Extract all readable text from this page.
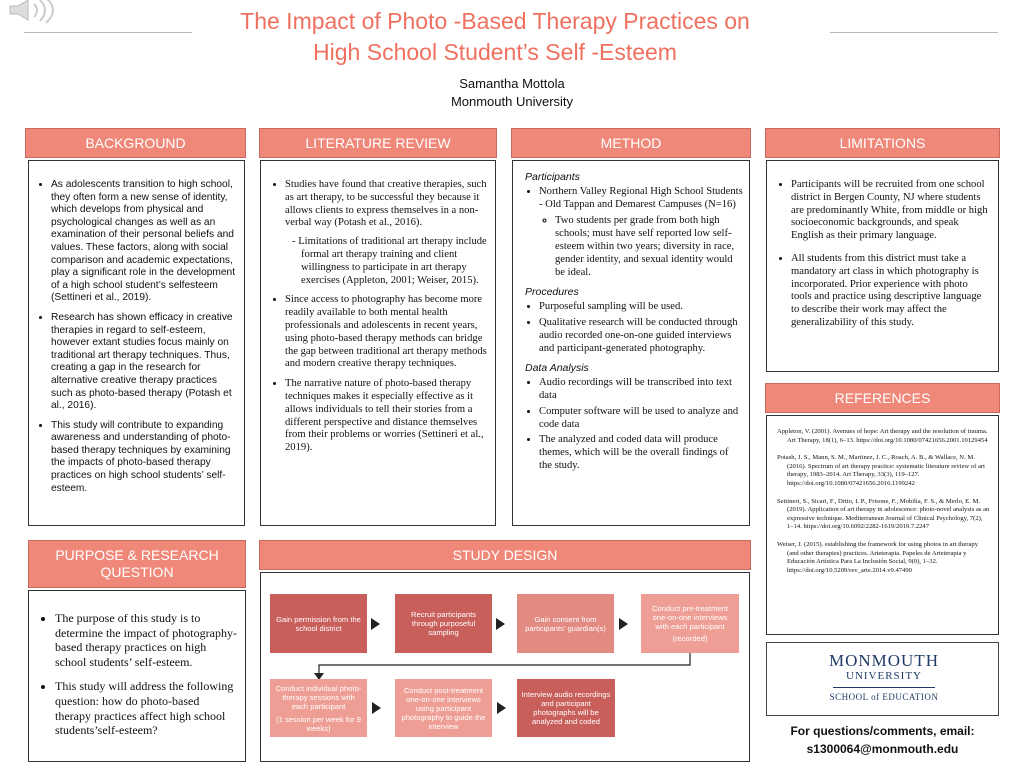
The Impact of Photo -Based Therapy Practices on
High School Student’s Self -Esteem
Samantha Mottola
Monmouth University
BACKGROUND
• As adolescents transition to high school, they often form a new sense of identity, which develops from physical and psychological changes as well as an examination of their personal beliefs and values. These factors, along with social comparison and academic expectations, play a significant role in the development of a high school student’s selfesteem (Settineri et al., 2019).
• Research has shown efficacy in creative therapies in regard to self-esteem, however extant studies focus mainly on traditional art therapy techniques. Thus, creating a gap in the research for alternative creative therapy practices such as photo-based therapy (Potash et al., 2016).
• This study will contribute to expanding awareness and understanding of photo-based therapy techniques by examining the impacts of photo-based therapy practices on high school students’ self-esteem.
LITERATURE REVIEW
• Studies have found that creative therapies, such as art therapy, to be successful they because it allows clients to express themselves in a non-verbal way (Potash et al., 2016).
- Limitations of traditional art therapy include formal art therapy training and client willingness to participate in art therapy exercises (Appleton, 2001; Weiser, 2015).
• Since access to photography has become more readily available to both mental health professionals and adolescents in recent years, using photo-based therapy methods can bridge the gap between traditional art therapy methods and modern creative therapy techniques.
• The narrative nature of photo-based therapy techniques makes it especially effective as it allows individuals to tell their stories from a different perspective and distance themselves from their problems or worries (Settineri et al., 2019).
METHOD
Participants
• Northern Valley Regional High School Students - Old Tappan and Demarest Campuses (N=16)
◦ Two students per grade from both high schools; must have self reported low self-esteem within two years; diversity in race, gender identity, and sexual identity would be ideal.
Procedures
• Purposeful sampling will be used.
• Qualitative research will be conducted through audio recorded one-on-one guided interviews and participant-generated photography.
Data Analysis
• Audio recordings will be transcribed into text data
• Computer software will be used to analyze and code data
• The analyzed and coded data will produce themes, which will be the overall findings of the study.
LIMITATIONS
• Participants will be recruited from one school district in Bergen County, NJ where students are predominantly White, from middle or high socioeconomic backgrounds, and speak English as their primary language.
• All students from this district must take a mandatory art class in which photography is incorporated. Prior experience with photo tools and practice using descriptive language to describe their work may affect the generalizability of this study.
REFERENCES
Appleton, V. (2001). Avenues of hope: Art therapy and the resolution of trauma. Art Therapy, 18(1), 6–13. https://doi.org/10.1080/07421656.2001.10129454
Potash, J. S., Mann, S. M., Martinez, J. C., Roach, A. B., & Wallace, N. M. (2016). Spectrum of art therapy practice: systematic literature review of art therapy, 1983–2014. Art Therapy, 33(3), 119–127. https://doi.org/10.1080/07421656.2016.1199242
Settineri, S., Sicari, F., Drtto, I. P., Frisone, F., Mobilia, F. S., & Merlo, E. M. (2019). Application of art therapy in adolescence: photo-novel analysis as an expressive technique. Mediterranean Journal of Clinical Psychology, 7(2), 1–14. https://doi.org/10.6092/2282-1619/2019.7.2247
Weiser, J. (2015). establishing the framework for using photos in art therapy (and other therapies) practices. Arteterapia. Papeles de Arteterapia y Educación Artística Para La Inclusión Social, 9(0), 1–32. https://doi.org/10.5209/rev_arte.2014.v9.47490
PURPOSE & RESEARCH
QUESTION
• The purpose of this study is to determine the impact of photography-based therapy practices on high school students’ self-esteem.
• This study will address the following question: how do photo-based therapy practices affect high school students’self-esteem?
STUDY DESIGN
Gain permission from the school district
Recruit participants through purposeful sampling
Gain consent from participants’ guardian(s)
Conduct pre-treatment one-on-one interviews with each participant
(recorded)
Conduct individual photo-therapy sessions with each participant
(1 session per week for 9 weeks)
Conduct post-treatment one-on-one interviews using participant photography to guide the interview
Interview audio recordings and participant photographs will be analyzed and coded
MONMOUTH
UNIVERSITY
SCHOOL of EDUCATION
For questions/comments, email:
s1300064@monmouth.edu
